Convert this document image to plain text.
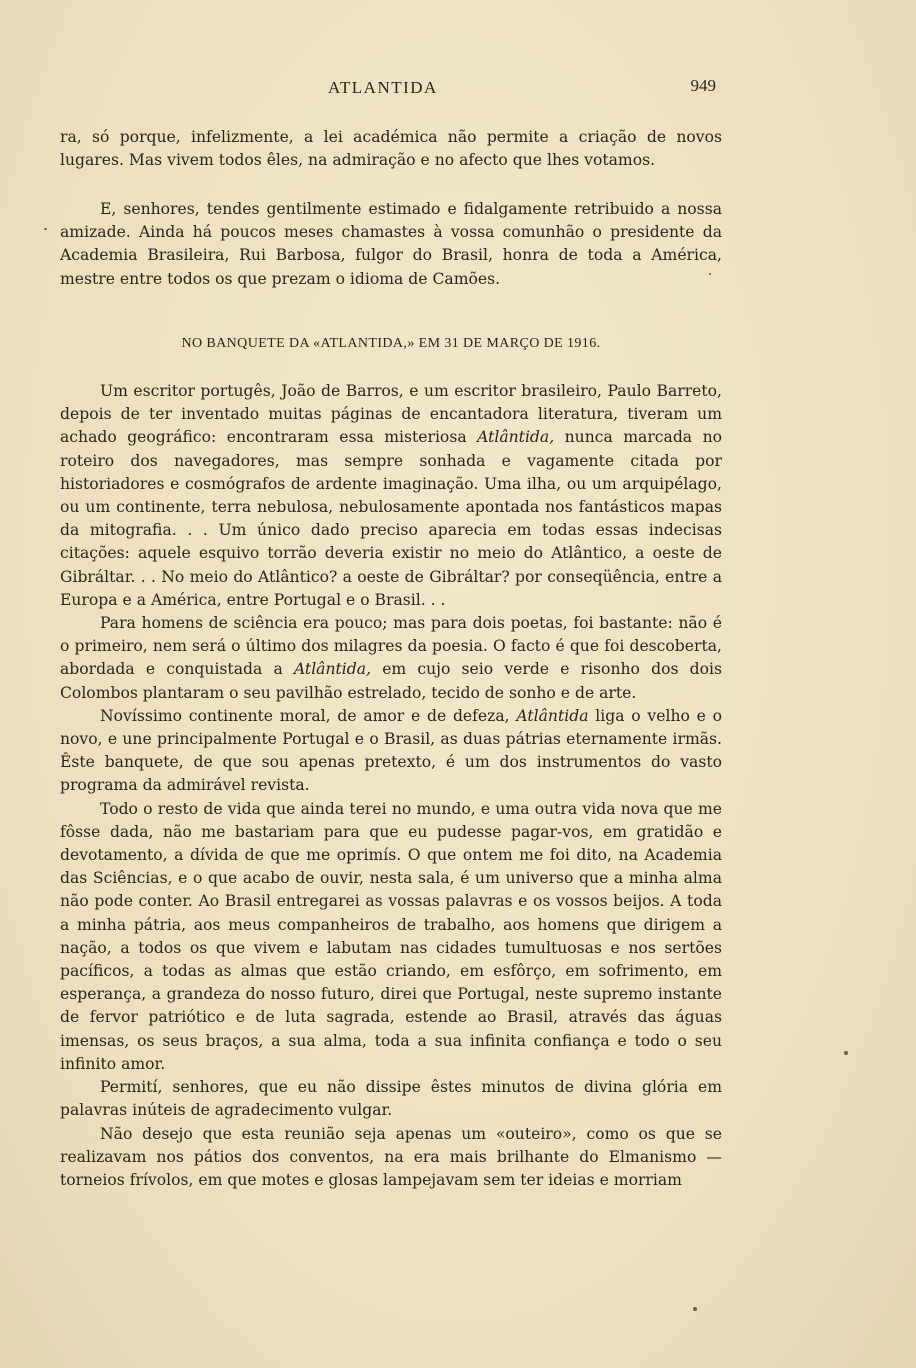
ATLANTIDA	949

ra, só porque, infelizmente, a lei académica não permite a criação de novos lugares. Mas vivem todos êles, na admiração e no afecto que lhes votamos.

E, senhores, tendes gentilmente estimado e fidalgamente retribuido a nossa amizade. Ainda há poucos meses chamastes à vossa comunhão o presidente da Academia Brasileira, Rui Barbosa, fulgor do Brasil, honra de toda a América, mestre entre todos os que prezam o idioma de Camões.

NO BANQUETE DA «ATLANTIDA,» EM 31 DE MARÇO DE 1916.

Um escritor portugês, João de Barros, e um escritor brasileiro, Paulo Barreto, depois de ter inventado muitas páginas de encantadora literatura, tiveram um achado geográfico: encontraram essa misteriosa Atlântida, nunca marcada no roteiro dos navegadores, mas sempre sonhada e vagamente citada por historiadores e cosmógrafos de ardente imaginação. Uma ilha, ou um arquipélago, ou um continente, terra nebulosa, nebulosamente apontada nos fantásticos mapas da mitografia. . . Um único dado preciso aparecia em todas essas indecisas citações: aquele esquivo torrão deveria existir no meio do Atlântico, a oeste de Gibráltar. . . No meio do Atlântico? a oeste de Gibráltar? por conseqüência, entre a Europa e a América, entre Portugal e o Brasil. . .

Para homens de sciência era pouco; mas para dois poetas, foi bastante: não é o primeiro, nem será o último dos milagres da poesia. O facto é que foi descoberta, abordada e conquistada a Atlântida, em cujo seio verde e risonho dos dois Colombos plantaram o seu pavilhão estrelado, tecido de sonho e de arte.

Novíssimo continente moral, de amor e de defeza, Atlântida liga o velho e o novo, e une principalmente Portugal e o Brasil, as duas pátrias eternamente irmãs. Êste banquete, de que sou apenas pretexto, é um dos instrumentos do vasto programa da admirável revista.

Todo o resto de vida que ainda terei no mundo, e uma outra vida nova que me fôsse dada, não me bastariam para que eu pudesse pagar-vos, em gratidão e devotamento, a dívida de que me oprimís. O que ontem me foi dito, na Academia das Sciências, e o que acabo de ouvir, nesta sala, é um universo que a minha alma não pode conter. Ao Brasil entregarei as vossas palavras e os vossos beijos. A toda a minha pátria, aos meus companheiros de trabalho, aos homens que dirigem a nação, a todos os que vivem e labutam nas cidades tumultuosas e nos sertões pacíficos, a todas as almas que estão criando, em esfôrço, em sofrimento, em esperança, a grandeza do nosso futuro, direi que Portugal, neste supremo instante de fervor patriótico e de luta sagrada, estende ao Brasil, através das águas imensas, os seus braços, a sua alma, toda a sua infinita confiança e todo o seu infinito amor.

Permití, senhores, que eu não dissipe êstes minutos de divina glória em palavras inúteis de agradecimento vulgar.

Não desejo que esta reunião seja apenas um «outeiro», como os que se realizavam nos pátios dos conventos, na era mais brilhante do Elmanismo — torneios frívolos, em que motes e glosas lampejavam sem ter ideias e morriam
